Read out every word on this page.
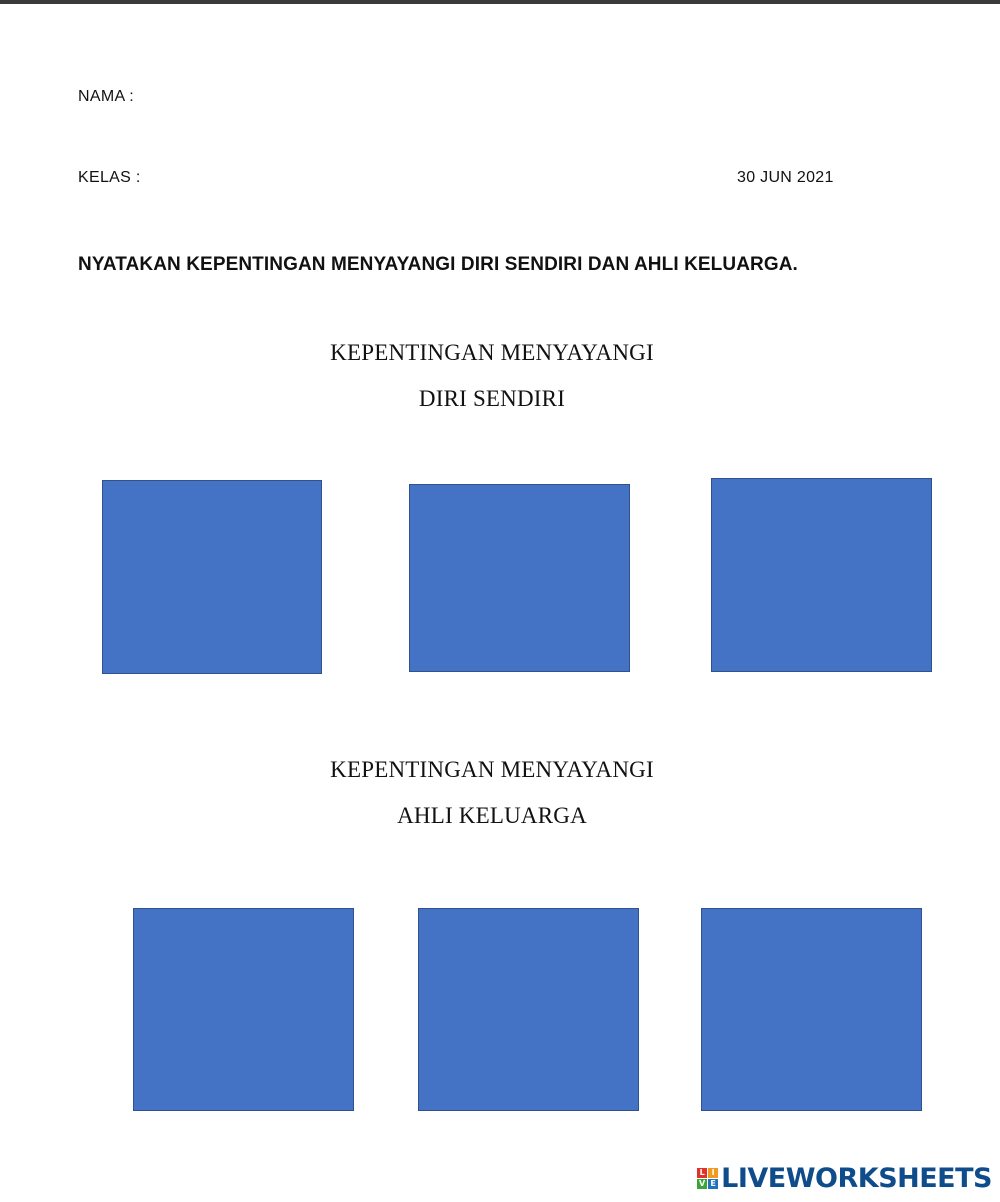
NAMA :
KELAS :	30 JUN 2021
NYATAKAN KEPENTINGAN MENYAYANGI DIRI SENDIRI DAN AHLI KELUARGA.
KEPENTINGAN MENYAYANGI
DIRI SENDIRI
KEPENTINGAN MENYAYANGI
AHLI KELUARGA
L I
V E LIVEWORKSHEETS
